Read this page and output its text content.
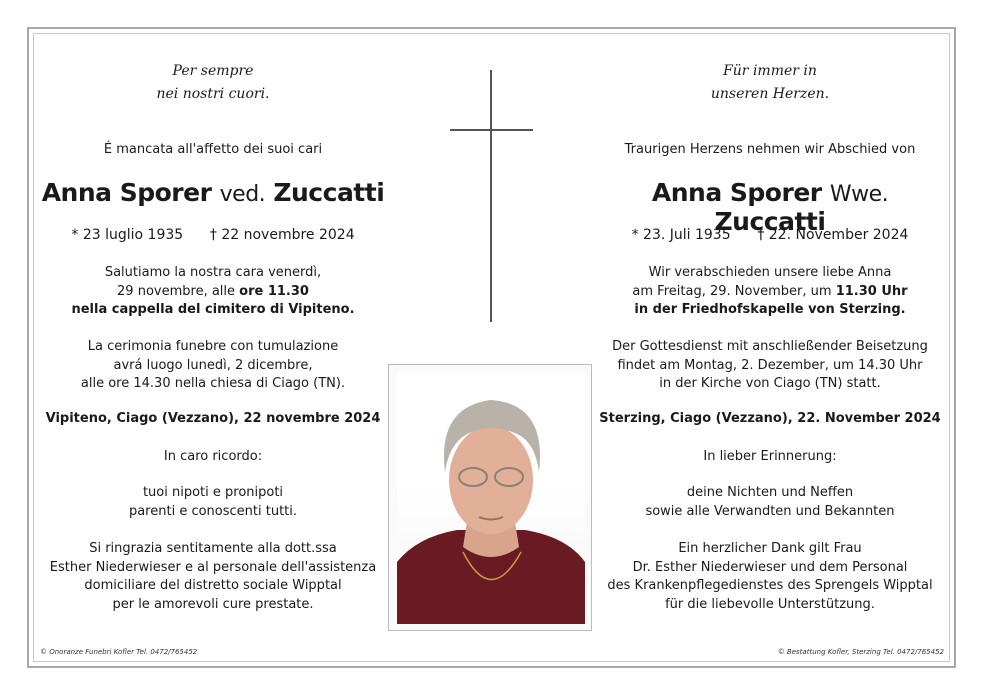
Per sempre
nei nostri cuori.
É mancata all'affetto dei suoi cari
Anna Sporer ved. Zuccatti
* 23 luglio 1935 † 22 novembre 2024
Salutiamo la nostra cara venerdì,
29 novembre, alle ore 11.30
nella cappella del cimitero di Vipiteno.
La cerimonia funebre con tumulazione
avrá luogo lunedì, 2 dicembre,
alle ore 14.30 nella chiesa di Ciago (TN).
Vipiteno, Ciago (Vezzano), 22 novembre 2024
In caro ricordo:
tuoi nipoti e pronipoti
parenti e conoscenti tutti.
Si ringrazia sentitamente alla dott.ssa
Esther Niederwieser e al personale dell'assistenza
domiciliare del distretto sociale Wipptal
per le amorevoli cure prestate.
Für immer in
unseren Herzen.
Traurigen Herzens nehmen wir Abschied von
Anna Sporer Wwe. Zuccatti
* 23. Juli 1935 † 22. November 2024
Wir verabschieden unsere liebe Anna
am Freitag, 29. November, um 11.30 Uhr
in der Friedhofskapelle von Sterzing.
Der Gottesdienst mit anschließender Beisetzung
findet am Montag, 2. Dezember, um 14.30 Uhr
in der Kirche von Ciago (TN) statt.
Sterzing, Ciago (Vezzano), 22. November 2024
In lieber Erinnerung:
deine Nichten und Neffen
sowie alle Verwandten und Bekannten
Ein herzlicher Dank gilt Frau
Dr. Esther Niederwieser und dem Personal
des Krankenpflegedienstes des Sprengels Wipptal
für die liebevolle Unterstützung.
© Onoranze Funebri Kofler Tel. 0472/765452	© Bestattung Kofler, Sterzing Tel. 0472/765452
